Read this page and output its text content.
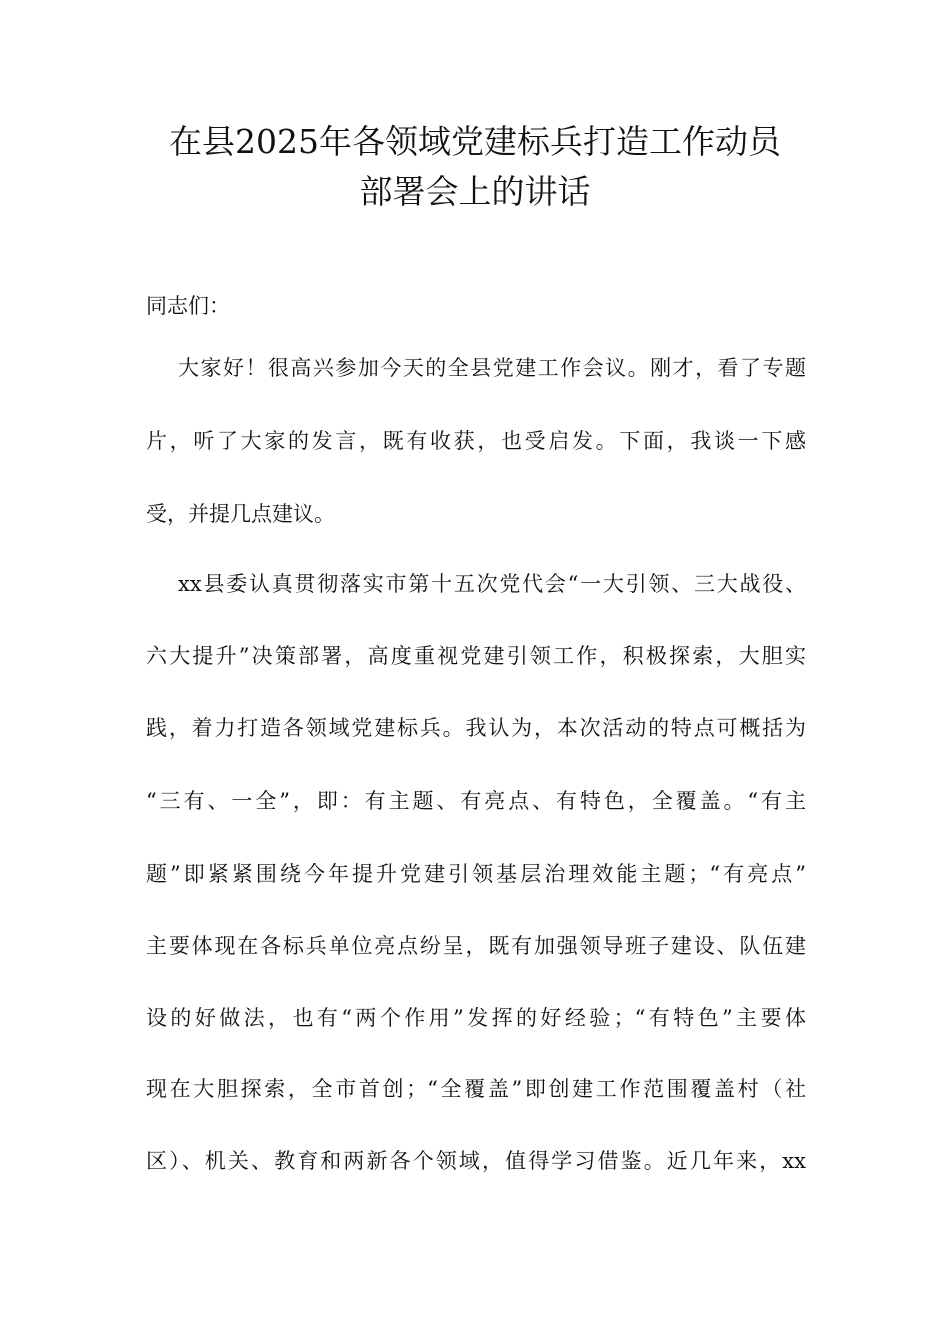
在县2025年各领域党建标兵打造工作动员
部署会上的讲话
同志们：
大家好！很高兴参加今天的全县党建工作会议。刚才，看了专题
片，听了大家的发言，既有收获，也受启发。下面，我谈一下感
受，并提几点建议。
xx县委认真贯彻落实市第十五次党代会“一大引领、三大战役、
六大提升”决策部署，高度重视党建引领工作，积极探索，大胆实
践，着力打造各领域党建标兵。我认为，本次活动的特点可概括为
“三有、一全”，即：有主题、有亮点、有特色，全覆盖。“有主
题”即紧紧围绕今年提升党建引领基层治理效能主题；“有亮点”
主要体现在各标兵单位亮点纷呈，既有加强领导班子建设、队伍建
设的好做法，也有“两个作用”发挥的好经验；“有特色”主要体
现在大胆探索，全市首创；“全覆盖”即创建工作范围覆盖村（社
区）、机关、教育和两新各个领域，值得学习借鉴。近几年来，xx
